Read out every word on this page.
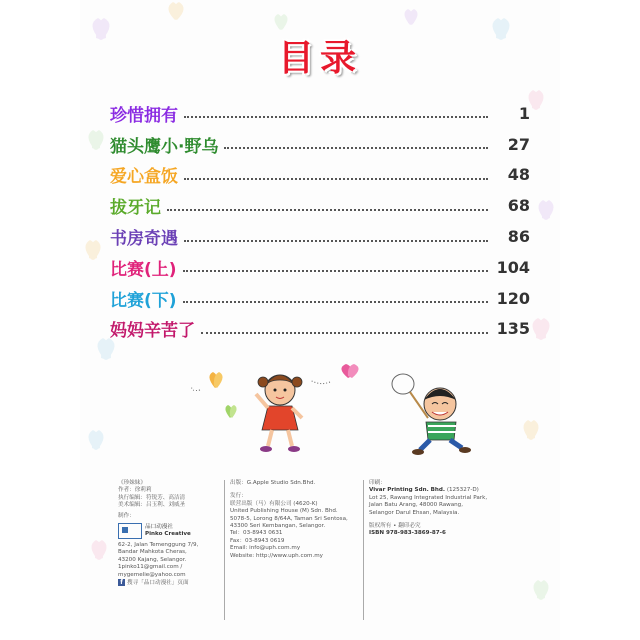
目录
珍惜拥有	1
猫头鹰小·野乌	27
爱心盒饭	48
拔牙记	68
书房奇遇	86
比赛(上)	104
比赛(下)	120
妈妈辛苦了	135
《珍妹妹》
作者：徐莉莉
执行编辑：符锐芳、高洁清
美术编辑：吕玉利、刘威圣
制作：
品口动漫社
Pinko Creative
62-2, Jalan Temenggung 7/9,
Bandar Mahkota Cheras,
43200 Kajang, Selangor.
1pinko11@gmail.com /
mygemelie@yahoo.com
f 搜寻「品口动漫社」页面
出版：G.Apple Studio Sdn.Bhd.
发行：
联营出版（马）有限公司 (4620-K)
United Publishing House (M) Sdn. Bhd.
5078-5, Lorong 8/64A, Taman Sri Sentosa,
43300 Seri Kembangan, Selangor.
Tel：03-8943 0631
Fax：03-8943 0619
Email: info@uph.com.my
Website: http://www.uph.com.my
印刷：
Vivar Printing Sdn. Bhd. (125327-D)
Lot 25, Rawang Integrated Industrial Park,
Jalan Batu Arang, 48000 Rawang,
Selangor Darul Ehsan, Malaysia.
版权所有 • 翻印必究
ISBN 978-983-3869-87-6
